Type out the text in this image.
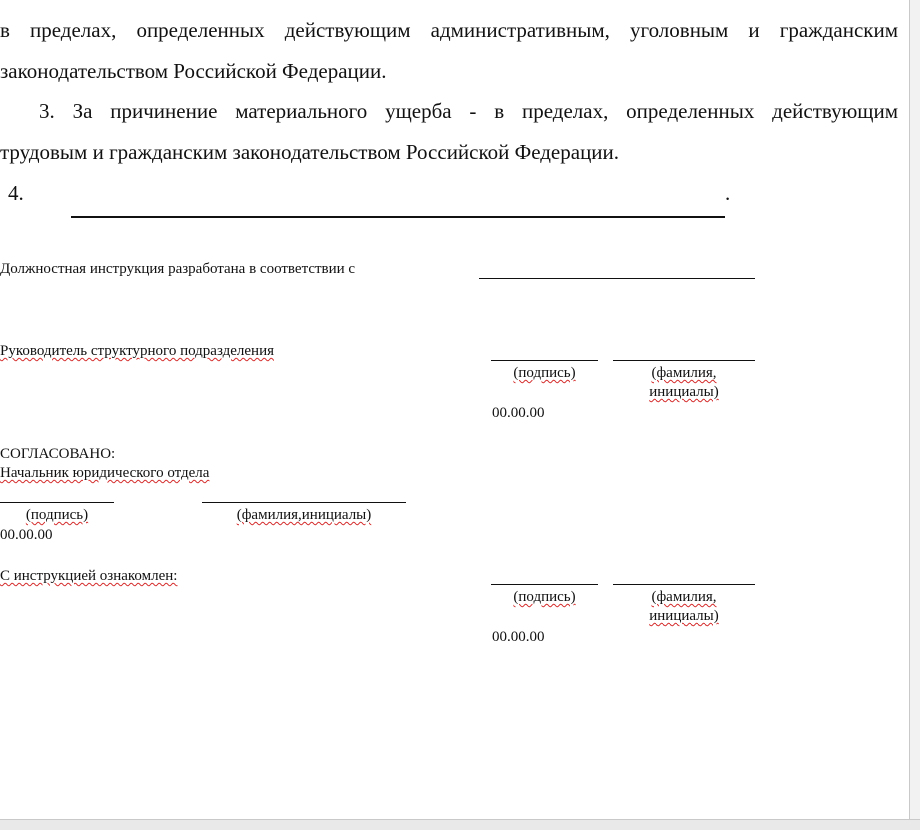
в пределах, определенных действующим административным, уголовным и гражданским
законодательством Российской Федерации.
3. За причинение материального ущерба - в пределах, определенных действующим
трудовым и гражданским законодательством Российской Федерации.
4.	.
Должностная инструкция разработана в соответствии с
Руководитель структурного подразделения
(подпись)	(фамилия, инициалы)
00.00.00
СОГЛАСОВАНО:
Начальник юридического отдела
(подпись)	(фамилия,инициалы)
00.00.00
С инструкцией ознакомлен:
(подпись)	(фамилия, инициалы)
00.00.00
